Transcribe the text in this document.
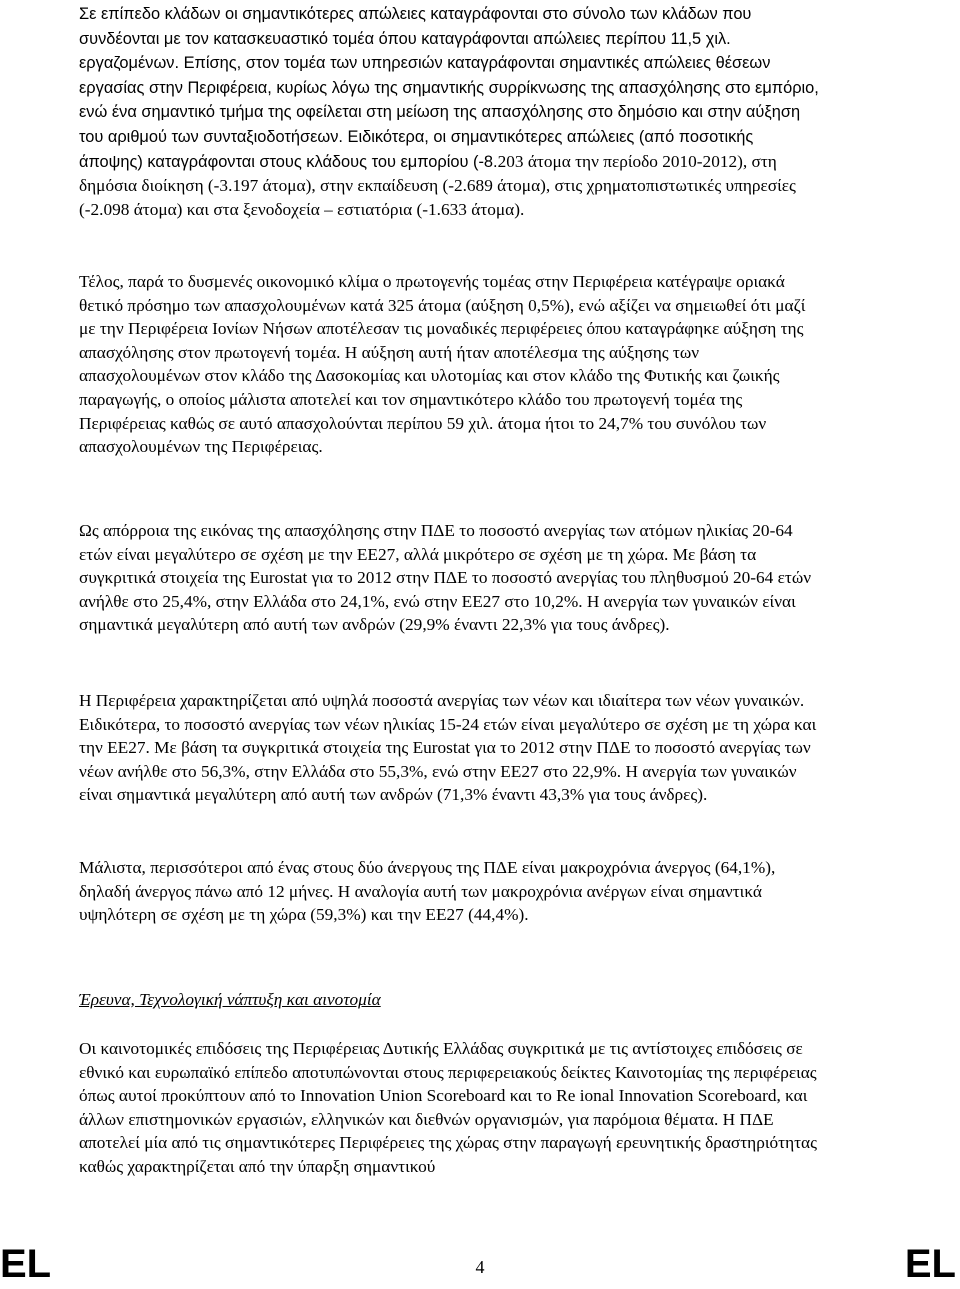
Σε επίπεδο κλάδων οι σημαντικότερες απώλειες καταγράφονται στο σύνολο των κλάδων που συνδέονται με τον κατασκευαστικό τομέα όπου καταγράφονται απώλειες περίπου 11,5 χιλ. εργαζομένων. Επίσης, στον τομέα των υπηρεσιών καταγράφονται σημαντικές απώλειες θέσεων εργασίας στην Περιφέρεια, κυρίως λόγω της σημαντικής συρρίκνωσης της απασχόλησης στο εμπόριο, ενώ ένα σημαντικό τμήμα της οφείλεται στη μείωση της απασχόλησης στο δημόσιο και στην αύξηση του αριθμού των συνταξιοδοτήσεων. Ειδικότερα, οι σημαντικότερες απώλειες (από ποσοτικής άποψης) καταγράφονται στους κλάδους του εμπορίου (-8.203 άτομα την περίοδο 2010-2012), στη δημόσια διοίκηση (-3.197 άτομα), στην εκπαίδευση (-2.689 άτομα), στις χρηματοπιστωτικές υπηρεσίες (-2.098 άτομα) και στα ξενοδοχεία – εστιατόρια (-1.633 άτομα).

Τέλος, παρά το δυσμενές οικονομικό κλίμα ο πρωτογενής τομέας στην Περιφέρεια κατέγραψε οριακά θετικό πρόσημο των απασχολουμένων κατά 325 άτομα (αύξηση 0,5%), ενώ αξίζει να σημειωθεί ότι μαζί με την Περιφέρεια Ιονίων Νήσων αποτέλεσαν τις μοναδικές περιφέρειες όπου καταγράφηκε αύξηση της απασχόλησης στον πρωτογενή τομέα. Η αύξηση αυτή ήταν αποτέλεσμα της αύξησης των απασχολουμένων στον κλάδο της Δασοκομίας και υλοτομίας και στον κλάδο της Φυτικής και ζωικής παραγωγής, ο οποίος μάλιστα αποτελεί και τον σημαντικότερο κλάδο του πρωτογενή τομέα της Περιφέρειας καθώς σε αυτό απασχολούνται περίπου 59 χιλ. άτομα ήτοι το 24,7% του συνόλου των απασχολουμένων της Περιφέρειας.

Ως απόρροια της εικόνας της απασχόλησης στην ΠΔΕ το ποσοστό ανεργίας των ατόμων ηλικίας 20-64 ετών είναι μεγαλύτερο σε σχέση με την ΕΕ27, αλλά μικρότερο σε σχέση με τη χώρα. Με βάση τα συγκριτικά στοιχεία της Eurostat για το 2012 στην ΠΔΕ το ποσοστό ανεργίας του πληθυσμού 20-64 ετών ανήλθε στο 25,4%, στην Ελλάδα στο 24,1%, ενώ στην ΕΕ27 στο 10,2%. Η ανεργία των γυναικών είναι σημαντικά μεγαλύτερη από αυτή των ανδρών (29,9% έναντι 22,3% για τους άνδρες).

Η Περιφέρεια χαρακτηρίζεται από υψηλά ποσοστά ανεργίας των νέων και ιδιαίτερα των νέων γυναικών. Ειδικότερα, το ποσοστό ανεργίας των νέων ηλικίας 15-24 ετών είναι μεγαλύτερο σε σχέση με τη χώρα και την ΕΕ27. Με βάση τα συγκριτικά στοιχεία της Eurostat για το 2012 στην ΠΔΕ το ποσοστό ανεργίας των νέων ανήλθε στο 56,3%, στην Ελλάδα στο 55,3%, ενώ στην ΕΕ27 στο 22,9%. Η ανεργία των γυναικών είναι σημαντικά μεγαλύτερη από αυτή των ανδρών (71,3% έναντι 43,3% για τους άνδρες).

Μάλιστα, περισσότεροι από ένας στους δύο άνεργους της ΠΔΕ είναι μακροχρόνια άνεργος (64,1%), δηλαδή άνεργος πάνω από 12 μήνες. Η αναλογία αυτή των μακροχρόνια ανέργων είναι σημαντικά υψηλότερη σε σχέση με τη χώρα (59,3%) και την ΕΕ27 (44,4%).

Έρευνα, Τεχνολογική νάπτυξη και αινοτομία

Οι καινοτομικές επιδόσεις της Περιφέρειας Δυτικής Ελλάδας συγκριτικά με τις αντίστοιχες επιδόσεις σε εθνικό και ευρωπαϊκό επίπεδο αποτυπώνονται στους περιφερειακούς δείκτες Καινοτομίας της περιφέρειας όπως αυτοί προκύπτουν από το Innovation Union Scoreboard και το Re ional Innovation Scoreboard, και άλλων επιστημονικών εργασιών, ελληνικών και διεθνών οργανισμών, για παρόμοια θέματα. Η ΠΔΕ αποτελεί μία από τις σημαντικότερες Περιφέρειες της χώρας στην παραγωγή ερευνητικής δραστηριότητας καθώς χαρακτηρίζεται από την ύπαρξη σημαντικού

EL	4	EL
